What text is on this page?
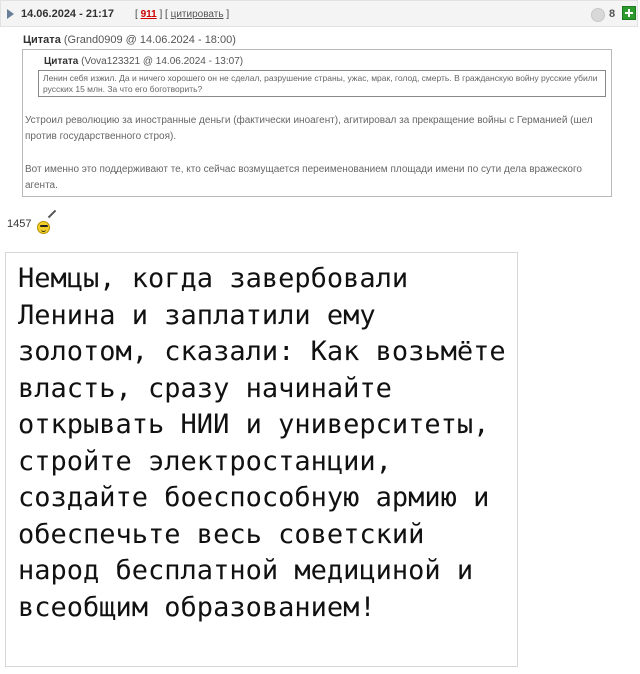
14.06.2024 - 21:17 [ 911 ] [ цитировать ]	8
Цитата (Grand0909 @ 14.06.2024 - 18:00)
Цитата (Vova123321 @ 14.06.2024 - 13:07)
Ленин себя изжил. Да и ничего хорошего он не сделал, разрушение страны, ужас, мрак, голод, смерть. В гражданскую войну русские убили русских 15 млн. За что его боготворить?
Устроил революцию за иностранные деньги (фактически иноагент), агитировал за прекращение войны с Германией (шел против государственного строя).
Вот именно это поддерживают те, кто сейчас возмущается переименованием площади имени по сути дела вражеского агента.
1457
Немцы, когда завербовали Ленина и заплатили ему золотом, сказали: Как возьмёте власть, сразу начинайте открывать НИИ и университеты, стройте электростанции, создайте боеспособную армию и обеспечьте весь советский народ бесплатной медициной и всеобщим образованием!
